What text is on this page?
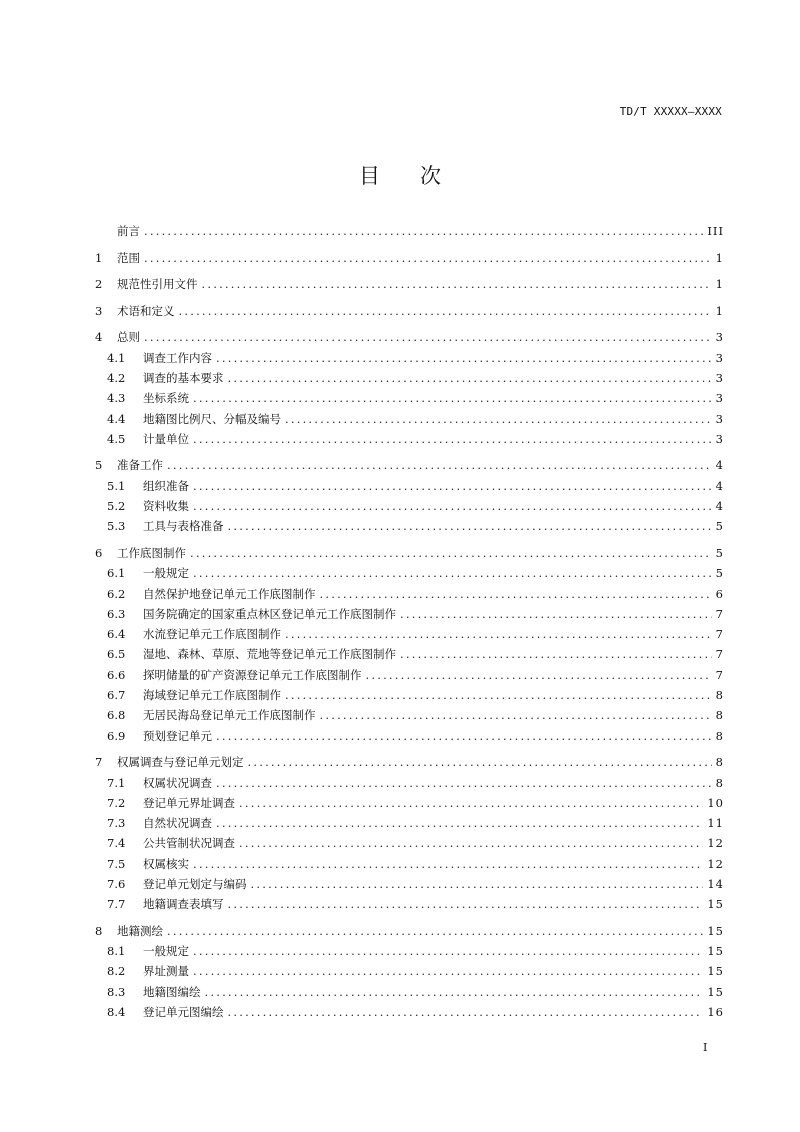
TD/T XXXXX—XXXX
目次
前言 .....	III
1	范围 .....	1
2	规范性引用文件 .....	1
3	术语和定义 .....	1
4	总则 .....	3
4.1	调查工作内容 .....	3
4.2	调查的基本要求 .....	3
4.3	坐标系统 .....	3
4.4	地籍图比例尺、分幅及编号 .....	3
4.5	计量单位 .....	3
5	准备工作 .....	4
5.1	组织准备 .....	4
5.2	资料收集 .....	4
5.3	工具与表格准备 .....	5
6	工作底图制作 .....	5
6.1	一般规定 .....	5
6.2	自然保护地登记单元工作底图制作 .....	6
6.3	国务院确定的国家重点林区登记单元工作底图制作 .....	7
6.4	水流登记单元工作底图制作 .....	7
6.5	湿地、森林、草原、荒地等登记单元工作底图制作 .....	7
6.6	探明储量的矿产资源登记单元工作底图制作 .....	7
6.7	海域登记单元工作底图制作 .....	8
6.8	无居民海岛登记单元工作底图制作 .....	8
6.9	预划登记单元 .....	8
7	权属调查与登记单元划定 .....	8
7.1	权属状况调查 .....	8
7.2	登记单元界址调查 .....	10
7.3	自然状况调查 .....	11
7.4	公共管制状况调查 .....	12
7.5	权属核实 .....	12
7.6	登记单元划定与编码 .....	14
7.7	地籍调查表填写 .....	15
8	地籍测绘 .....	15
8.1	一般规定 .....	15
8.2	界址测量 .....	15
8.3	地籍图编绘 .....	15
8.4	登记单元图编绘 .....	16
I
